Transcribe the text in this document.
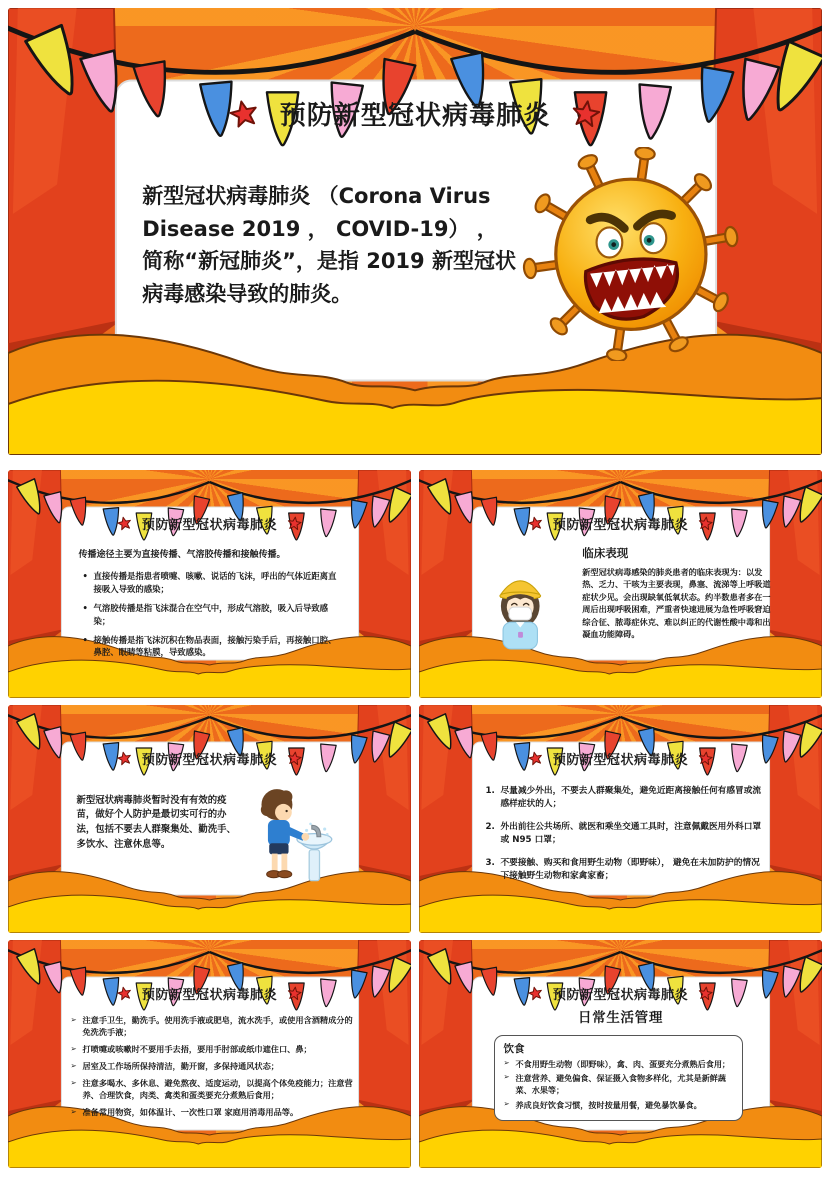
预防新型冠状病毒肺炎
新型冠状病毒肺炎 （Corona Virus Disease 2019 ， COVID-19） ，简称“新冠肺炎”，是指 2019 新型冠状病毒感染导致的肺炎。
预防新型冠状病毒肺炎
传播途径主要为直接传播、气溶胶传播和接触传播。
• 直接传播是指患者喷嚏、咳嗽、说话的飞沫，呼出的气体近距离直接吸入导致的感染；
• 气溶胶传播是指飞沫混合在空气中，形成气溶胶，吸入后导致感染；
• 接触传播是指飞沫沉积在物品表面，接触污染手后，再接触口腔、鼻腔、眼睛等粘膜，导致感染。
预防新型冠状病毒肺炎
临床表现
新型冠状病毒感染的肺炎患者的临床表现为：以发热、乏力、干咳为主要表现，鼻塞、流涕等上呼吸道症状少见。会出现缺氧低氧状态。约半数患者多在一周后出现呼吸困难，严重者快速进展为急性呼吸窘迫综合征、脓毒症休克、难以纠正的代谢性酸中毒和出凝血功能障碍。
预防新型冠状病毒肺炎
新型冠状病毒肺炎暂时没有有效的疫苗，做好个人防护是最切实可行的办法，包括不要去人群聚集处、勤洗手、多饮水、注意休息等。
预防新型冠状病毒肺炎
尽量减少外出，不要去人群聚集处，避免近距离接触任何有感冒或流感样症状的人；
外出前往公共场所、就医和乘坐交通工具时，注意佩戴医用外科口罩或 N95 口罩；
不要接触、购买和食用野生动物（即野味）， 避免在未加防护的情况下接触野生动物和家禽家畜；
预防新型冠状病毒肺炎
➢ 注意手卫生，勤洗手。使用洗手液或肥皂，流水洗手，或使用含酒精成分的免洗洗手液；
➢ 打喷嚏或咳嗽时不要用手去捂，要用手肘部或纸巾遮住口、鼻；
➢ 居室及工作场所保持清洁，勤开窗，多保持通风状态；
➢ 注意多喝水、多休息、避免熬夜、适度运动，以提高个体免疫能力；注意营养、合理饮食，肉类、禽类和蛋类要充分煮熟后食用；
➢ 准备常用物资，如体温计、一次性口罩 家庭用消毒用品等。
预防新型冠状病毒肺炎
日常生活管理
饮食
➢ 不食用野生动物（即野味），禽、肉、蛋要充分煮熟后食用；
➢ 注意营养、避免偏食、保证摄入食物多样化，尤其是新鲜蔬菜、水果等；
➢ 养成良好饮食习惯，按时按量用餐，避免暴饮暴食。
